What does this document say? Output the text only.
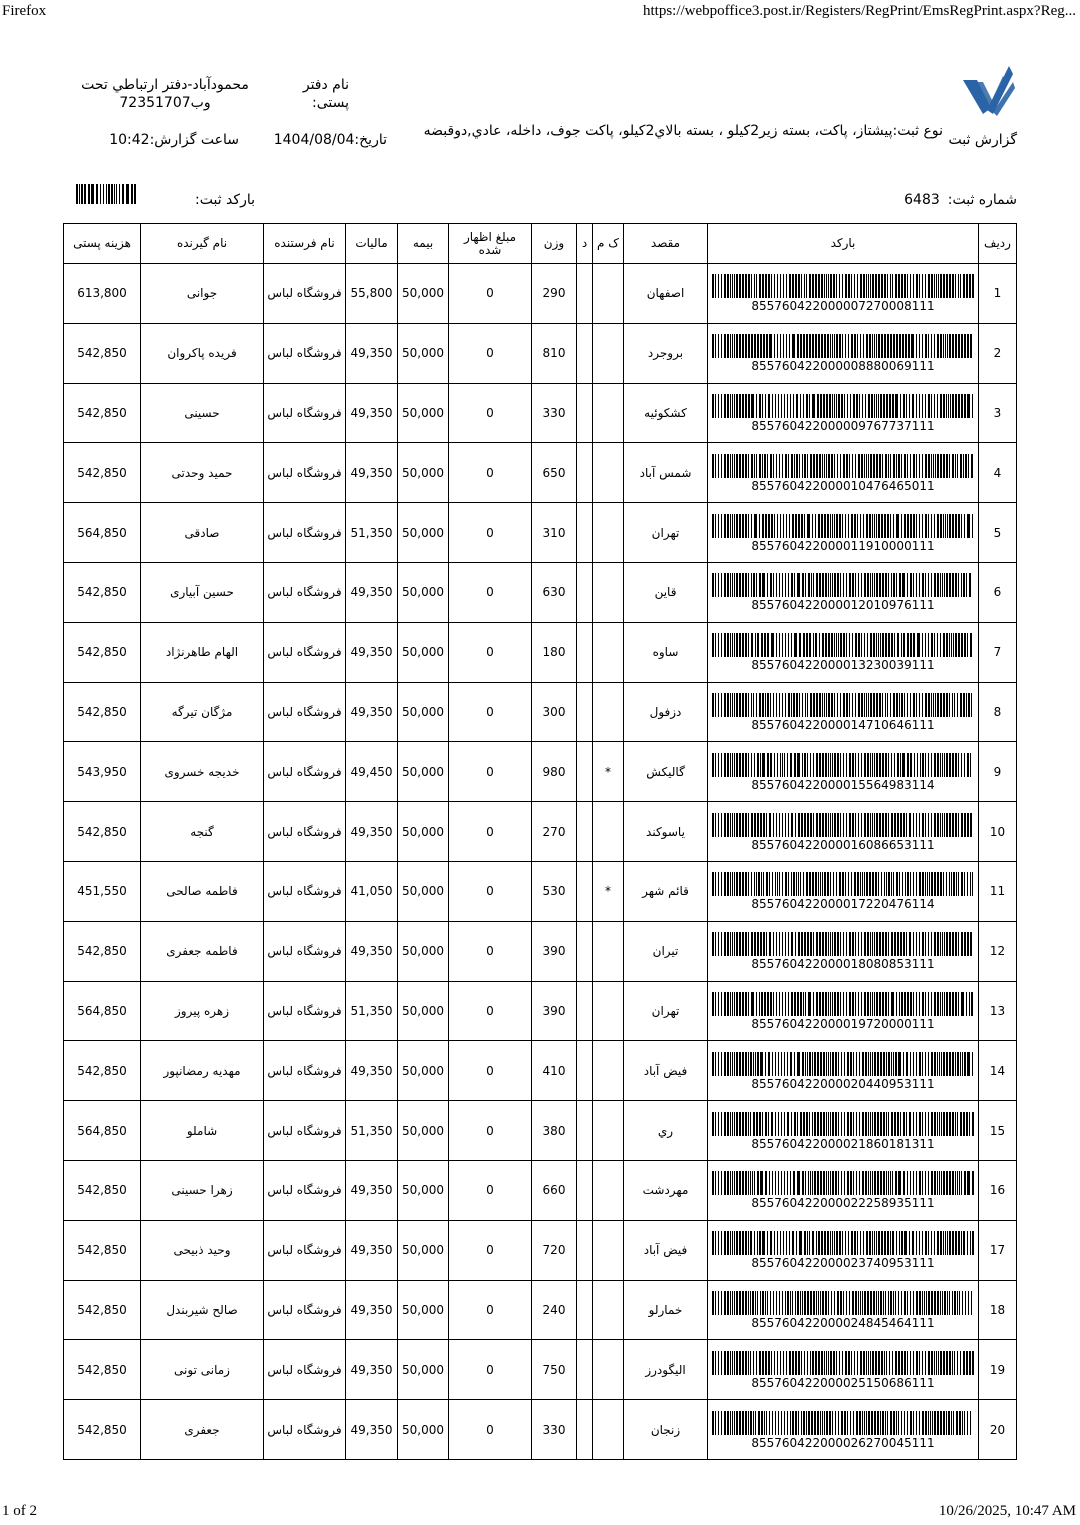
Firefox	https://webpoffice3.post.ir/Registers/RegPrint/EmsRegPrint.aspx?Reg...
گزارش ثبت
نوع ثبت:پيشتاز، پاکت، بسته زير2کيلو ، بسته بالاي2کيلو، پاکت جوف، داخله، عادي,دوقبضه
نام دفتر پستی:
محمودآباد-دفتر ارتباطي تحت وب72351707
تاریخ:1404/08/04
ساعت گزارش:10:42
شماره ثبت:6483
بارکد ثبت:
ردیف	بارکد	مقصد	ک م	د	وزن	مبلغ اظهار شده	بیمه	مالیات	نام فرستنده	نام گیرنده	هزینه پستی
1	855760422000007270008111	اصفهان			290	0	50,000	55,800	فروشگاه لباس	جوانی	613,800
2	855760422000008880069111	بروجرد			810	0	50,000	49,350	فروشگاه لباس	فریده پاکروان	542,850
3	855760422000009767737111	کشکوئیه			330	0	50,000	49,350	فروشگاه لباس	حسینی	542,850
4	855760422000010476465011	شمس آباد			650	0	50,000	49,350	فروشگاه لباس	حمید وحدتی	542,850
5	855760422000011910000111	تهران			310	0	50,000	51,350	فروشگاه لباس	صادقی	564,850
6	855760422000012010976111	قاین			630	0	50,000	49,350	فروشگاه لباس	حسین آبیاری	542,850
7	855760422000013230039111	ساوه			180	0	50,000	49,350	فروشگاه لباس	الهام طاهرنژاد	542,850
8	855760422000014710646111	دزفول			300	0	50,000	49,350	فروشگاه لباس	مژگان تیرگه	542,850
9	855760422000015564983114	گالیکش	*		980	0	50,000	49,450	فروشگاه لباس	خدیجه خسروی	543,950
10	855760422000016086653111	یاسوکند			270	0	50,000	49,350	فروشگاه لباس	گنجه	542,850
11	855760422000017220476114	قائم شهر	*		530	0	50,000	41,050	فروشگاه لباس	فاطمه صالحی	451,550
12	855760422000018080853111	تیران			390	0	50,000	49,350	فروشگاه لباس	فاطمه جعفری	542,850
13	855760422000019720000111	تهران			390	0	50,000	51,350	فروشگاه لباس	زهره پیروز	564,850
14	855760422000020440953111	فیض آباد			410	0	50,000	49,350	فروشگاه لباس	مهدیه رمضانپور	542,850
15	855760422000021860181311	ري			380	0	50,000	51,350	فروشگاه لباس	شاملو	564,850
16	855760422000022258935111	مهردشت			660	0	50,000	49,350	فروشگاه لباس	زهرا حسینی	542,850
17	855760422000023740953111	فیض آباد			720	0	50,000	49,350	فروشگاه لباس	وحید ذبیحی	542,850
18	855760422000024845464111	خمارلو			240	0	50,000	49,350	فروشگاه لباس	صالح شیربندل	542,850
19	855760422000025150686111	الیگودرز			750	0	50,000	49,350	فروشگاه لباس	زمانی تونی	542,850
20	855760422000026270045111	زنجان			330	0	50,000	49,350	فروشگاه لباس	جعفری	542,850
1 of 2	10/26/2025, 10:47 AM
